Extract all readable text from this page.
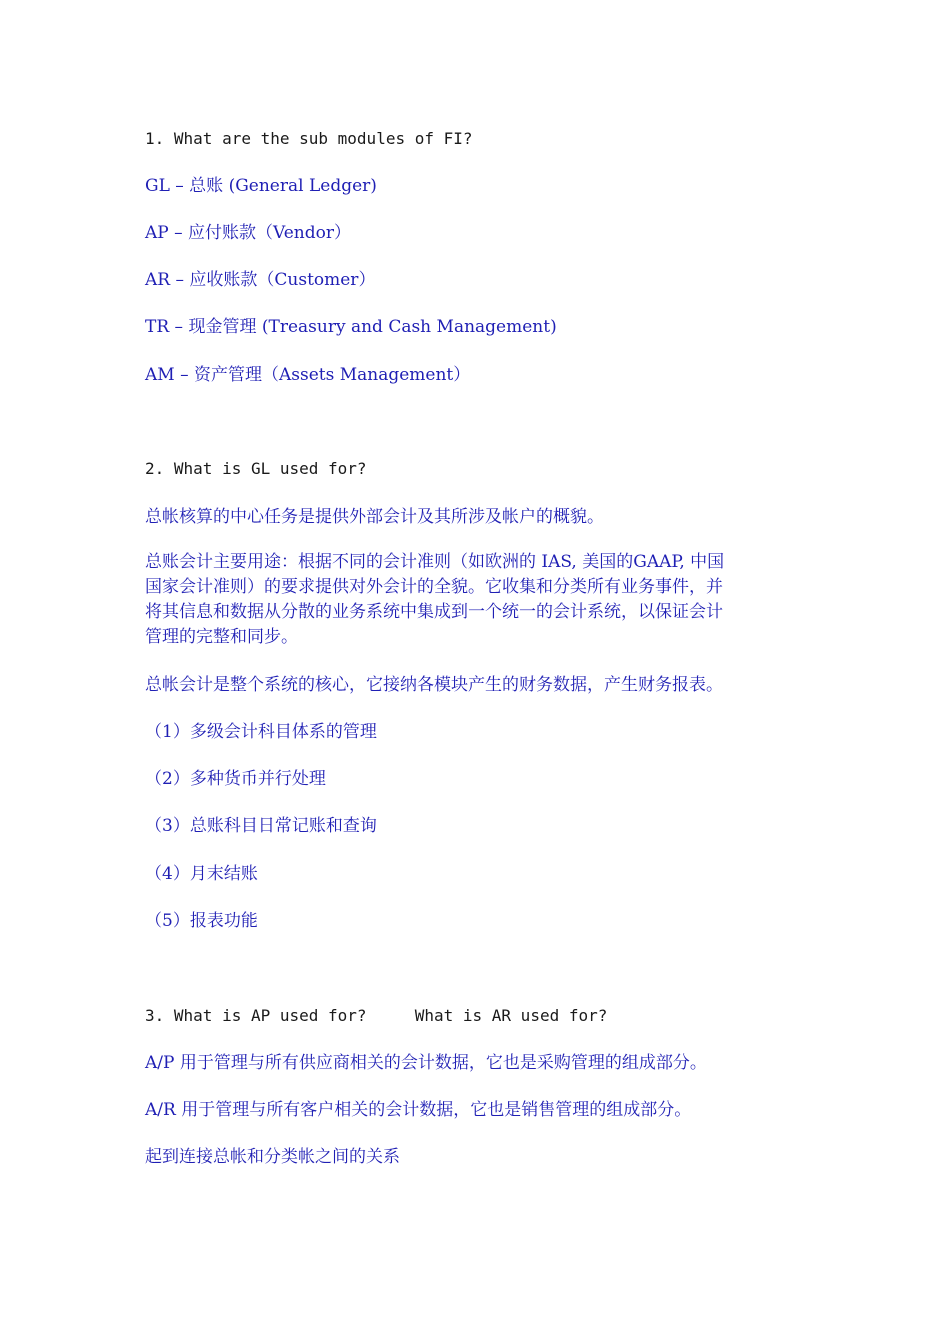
1. What are the sub modules of FI?

GL – 总账 (General Ledger)

AP – 应付账款（Vendor）

AR – 应收账款（Customer）

TR – 现金管理 (Treasury and Cash Management)

AM – 资产管理（Assets Management）

2. What is GL used for?

总帐核算的中心任务是提供外部会计及其所涉及帐户的概貌。

总账会计主要用途：根据不同的会计准则（如欧洲的 IAS, 美国的GAAP, 中国
国家会计准则）的要求提供对外会计的全貌。它收集和分类所有业务事件，并
将其信息和数据从分散的业务系统中集成到一个统一的会计系统，以保证会计
管理的完整和同步。

总帐会计是整个系统的核心，它接纳各模块产生的财务数据，产生财务报表。

（1）多级会计科目体系的管理

（2）多种货币并行处理

（3）总账科目日常记账和查询

（4）月末结账

（5）报表功能

3. What is AP used for?     What is AR used for?

A/P 用于管理与所有供应商相关的会计数据，它也是采购管理的组成部分。

A/R 用于管理与所有客户相关的会计数据，它也是销售管理的组成部分。

起到连接总帐和分类帐之间的关系
